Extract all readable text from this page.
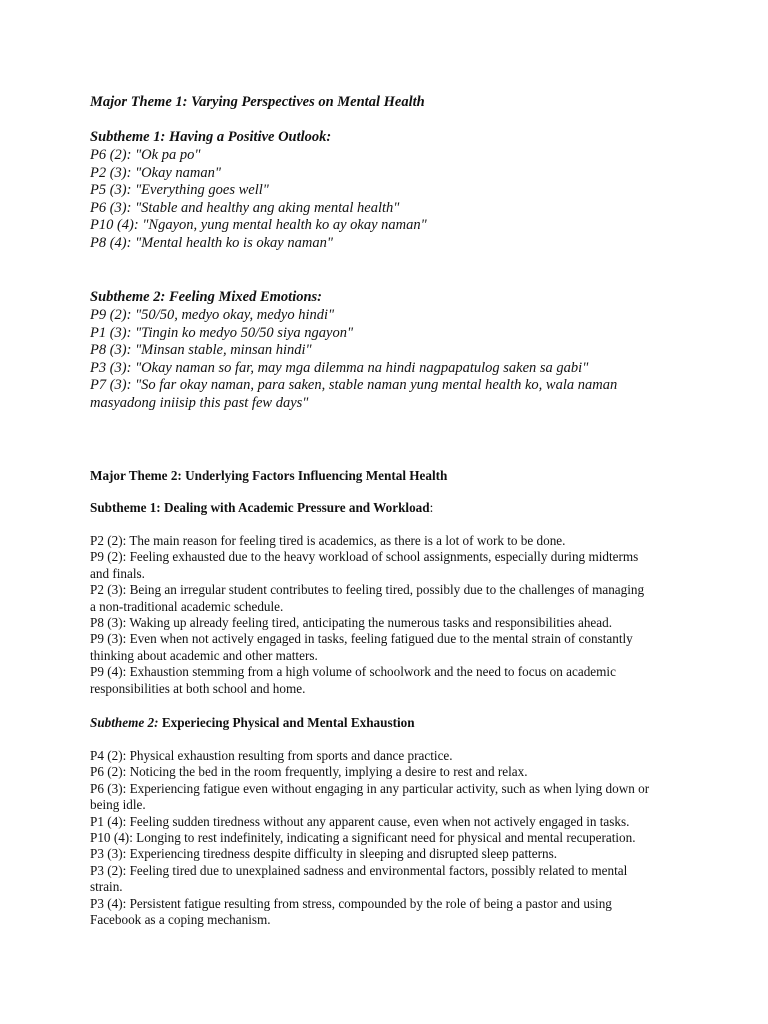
Major Theme 1: Varying Perspectives on Mental Health
Subtheme 1: Having a Positive Outlook:
P6 (2): "Ok pa po"
P2 (3): "Okay naman"
P5 (3): "Everything goes well"
P6 (3): "Stable and healthy ang aking mental health"
P10 (4): "Ngayon, yung mental health ko ay okay naman"
P8 (4): "Mental health ko is okay naman"
Subtheme 2: Feeling Mixed Emotions:
P9 (2): "50/50, medyo okay, medyo hindi"
P1 (3): "Tingin ko medyo 50/50 siya ngayon"
P8 (3): "Minsan stable, minsan hindi"
P3 (3): "Okay naman so far, may mga dilemma na hindi nagpapatulog saken sa gabi"
P7 (3): "So far okay naman, para saken, stable naman yung mental health ko, wala naman
masyadong iniisip this past few days"
Major Theme 2: Underlying Factors Influencing Mental Health
Subtheme 1: Dealing with Academic Pressure and Workload:
P2 (2): The main reason for feeling tired is academics, as there is a lot of work to be done.
P9 (2): Feeling exhausted due to the heavy workload of school assignments, especially during midterms
and finals.
P2 (3): Being an irregular student contributes to feeling tired, possibly due to the challenges of managing
a non-traditional academic schedule.
P8 (3): Waking up already feeling tired, anticipating the numerous tasks and responsibilities ahead.
P9 (3): Even when not actively engaged in tasks, feeling fatigued due to the mental strain of constantly
thinking about academic and other matters.
P9 (4): Exhaustion stemming from a high volume of schoolwork and the need to focus on academic
responsibilities at both school and home.
Subtheme 2: Experiecing Physical and Mental Exhaustion
P4 (2): Physical exhaustion resulting from sports and dance practice.
P6 (2): Noticing the bed in the room frequently, implying a desire to rest and relax.
P6 (3): Experiencing fatigue even without engaging in any particular activity, such as when lying down or
being idle.
P1 (4): Feeling sudden tiredness without any apparent cause, even when not actively engaged in tasks.
P10 (4): Longing to rest indefinitely, indicating a significant need for physical and mental recuperation.
P3 (3): Experiencing tiredness despite difficulty in sleeping and disrupted sleep patterns.
P3 (2): Feeling tired due to unexplained sadness and environmental factors, possibly related to mental
strain.
P3 (4): Persistent fatigue resulting from stress, compounded by the role of being a pastor and using
Facebook as a coping mechanism.
